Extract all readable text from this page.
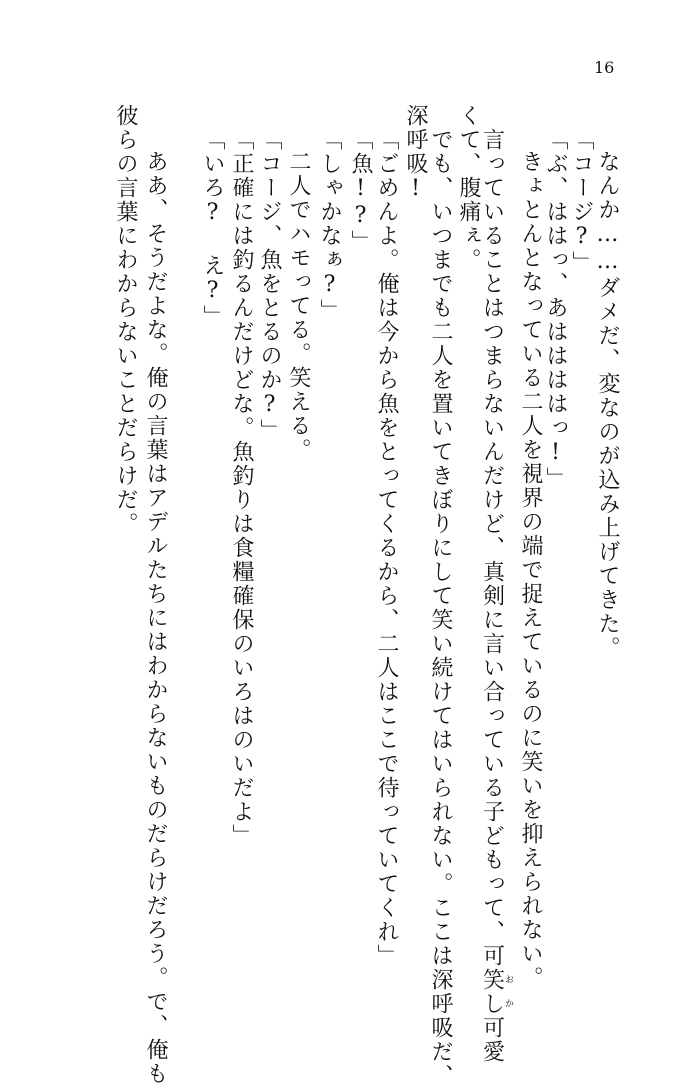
16
なんか……ダメだ、変なのが込み上げてきた。
「コージ?」
「ぶ、ははっ、あははははっ!」
きょとんとなっている二人を視界の端で捉えているのに笑いを抑えられない。
言っていることはつまらないんだけど、真剣に言い合っている子どもって、可笑しおか可愛
くて、腹痛ぇ。
でも、いつまでも二人を置いてきぼりにして笑い続けてはいられない。ここは深呼吸だ、
深呼吸!
「ごめんよ。俺は今から魚をとってくるから、二人はここで待っていてくれ」
「魚!?」
「しゃかなぁ?」
二人でハモってる。笑える。
「コージ、魚をとるのか?」
「正確には釣るんだけどな。魚釣りは食糧確保のいろはのいだよ」
「いろ? え?」
ああ、そうだよな。俺の言葉はアデルたちにはわからないものだらけだろう。で、俺も
彼らの言葉にわからないことだらけだ。
